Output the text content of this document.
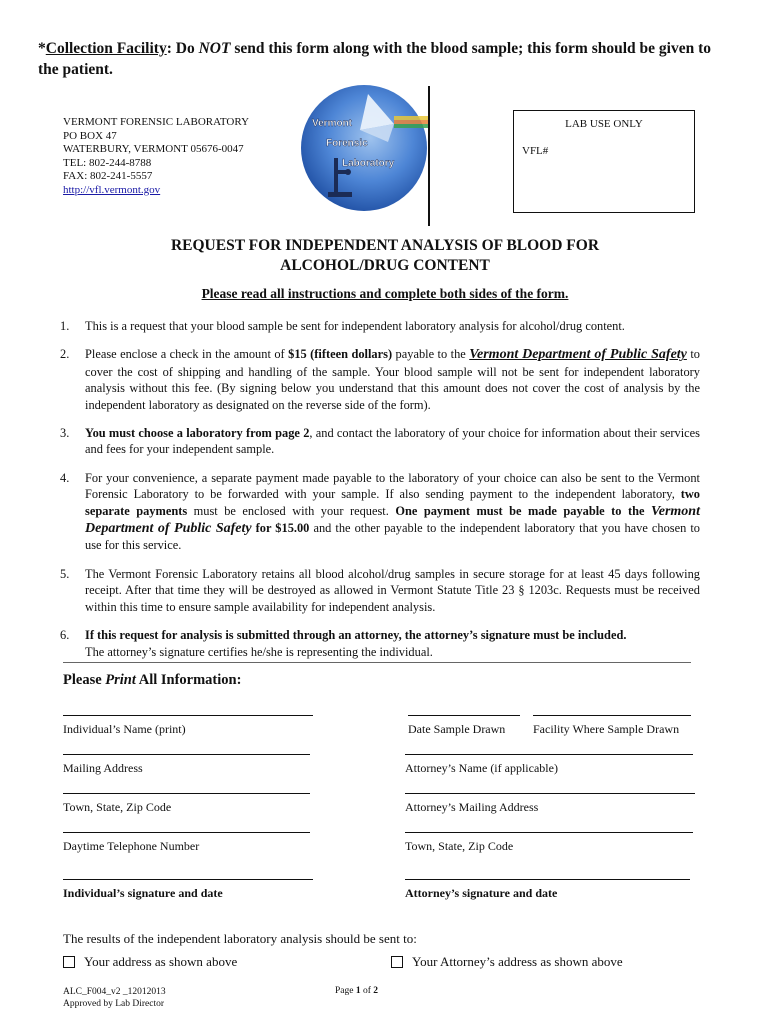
*Collection Facility: Do NOT send this form along with the blood sample; this form should be given to the patient.
VERMONT FORENSIC LABORATORY
PO BOX 47
WATERBURY, VERMONT 05676-0047
TEL: 802-244-8788
FAX: 802-241-5557
http://vfl.vermont.gov
Vermont
Forensic
Laboratory
LAB USE ONLY
VFL#
REQUEST FOR INDEPENDENT ANALYSIS OF BLOOD FOR
ALCOHOL/DRUG CONTENT
Please read all instructions and complete both sides of the form.
1. This is a request that your blood sample be sent for independent laboratory analysis for alcohol/drug content.
2. Please enclose a check in the amount of $15 (fifteen dollars) payable to the Vermont Department of Public Safety to cover the cost of shipping and handling of the sample. Your blood sample will not be sent for independent laboratory analysis without this fee. (By signing below you understand that this amount does not cover the cost of analysis by the independent laboratory as designated on the reverse side of the form).
3. You must choose a laboratory from page 2, and contact the laboratory of your choice for information about their services and fees for your independent sample.
4. For your convenience, a separate payment made payable to the laboratory of your choice can also be sent to the Vermont Forensic Laboratory to be forwarded with your sample. If also sending payment to the independent laboratory, two separate payments must be enclosed with your request. One payment must be made payable to the Vermont Department of Public Safety for $15.00 and the other payable to the independent laboratory that you have chosen to use for this service.
5. The Vermont Forensic Laboratory retains all blood alcohol/drug samples in secure storage for at least 45 days following receipt. After that time they will be destroyed as allowed in Vermont Statute Title 23 § 1203c. Requests must be received within this time to ensure sample availability for independent analysis.
6. If this request for analysis is submitted through an attorney, the attorney’s signature must be included.
The attorney’s signature certifies he/she is representing the individual.
Please Print All Information:
Individual’s Name (print)	Date Sample Drawn	Facility Where Sample Drawn
Mailing Address	Attorney’s Name (if applicable)
Town, State, Zip Code	Attorney’s Mailing Address
Daytime Telephone Number	Town, State, Zip Code
Individual’s signature and date	Attorney’s signature and date
The results of the independent laboratory analysis should be sent to:
Your address as shown above	Your Attorney’s address as shown above
ALC_F004_v2 _12012013
Approved by Lab Director
Page 1 of 2
